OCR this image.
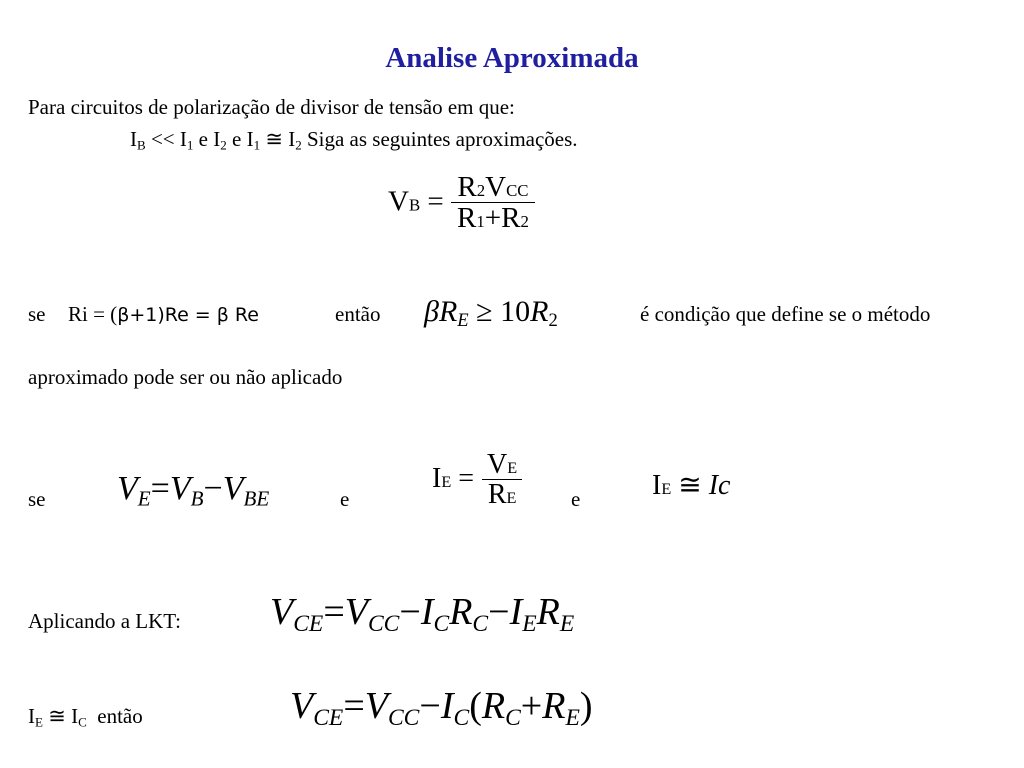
Analise Aproximada
Para circuitos de polarização de divisor de tensão em que:
$I_B << I_1$ e $I_2$ e $I_1$ ≅ $I_2$ Siga as seguintes aproximações.
VB = $\frac{\text{R2VCC}}{R1+R2}$
se Ri = (β+1)Re = β Re	então $\beta R_E \ge 10R_2$	é condição que define se o método
aproximado pode ser ou não aplicado
se $V_E=V_B-V_{BE}$	e
IE = $\frac{VE}{RE}$ e	IE ≅ Ic
Aplicando a LKT: $V_{CE}=V_{CC}-I_CR_C-I_ER_E$
$I_E$ ≅ $I_C$ então	$V_{CE}=V_{CC}-I_C(R_C+R_E)$
